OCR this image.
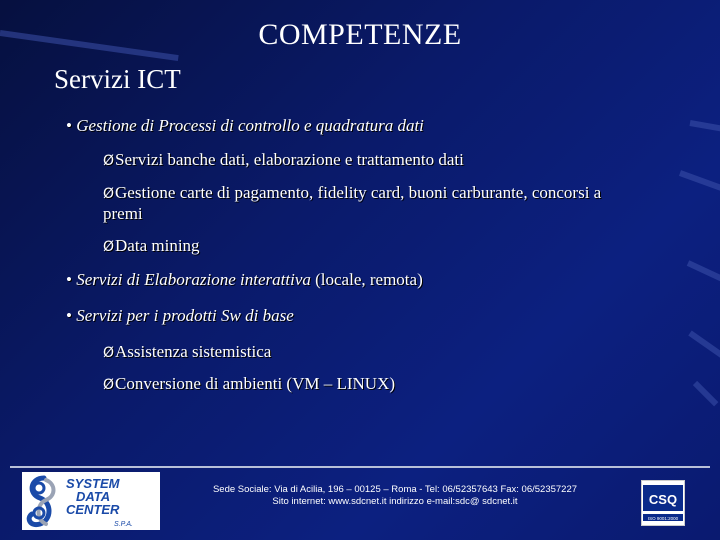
COMPETENZE
Servizi ICT
• Gestione di Processi di controllo e quadratura dati
ØServizi banche dati, elaborazione e trattamento dati
ØGestione carte di pagamento, fidelity card, buoni carburante, concorsi a
premi
ØData mining
• Servizi di Elaborazione interattiva (locale, remota)
• Servizi per i prodotti Sw di base
ØAssistenza sistemistica
ØConversione di ambienti (VM – LINUX)
SYSTEM
DATA
CENTER
S.P.A.
Sede Sociale: Via di Acilia, 196 – 00125 – Roma - Tel: 06/52357643 Fax: 06/52357227
Sito internet: www.sdcnet.it indirizzo e-mail:sdc@ sdcnet.it	CSQ
ISO 9001:2000
